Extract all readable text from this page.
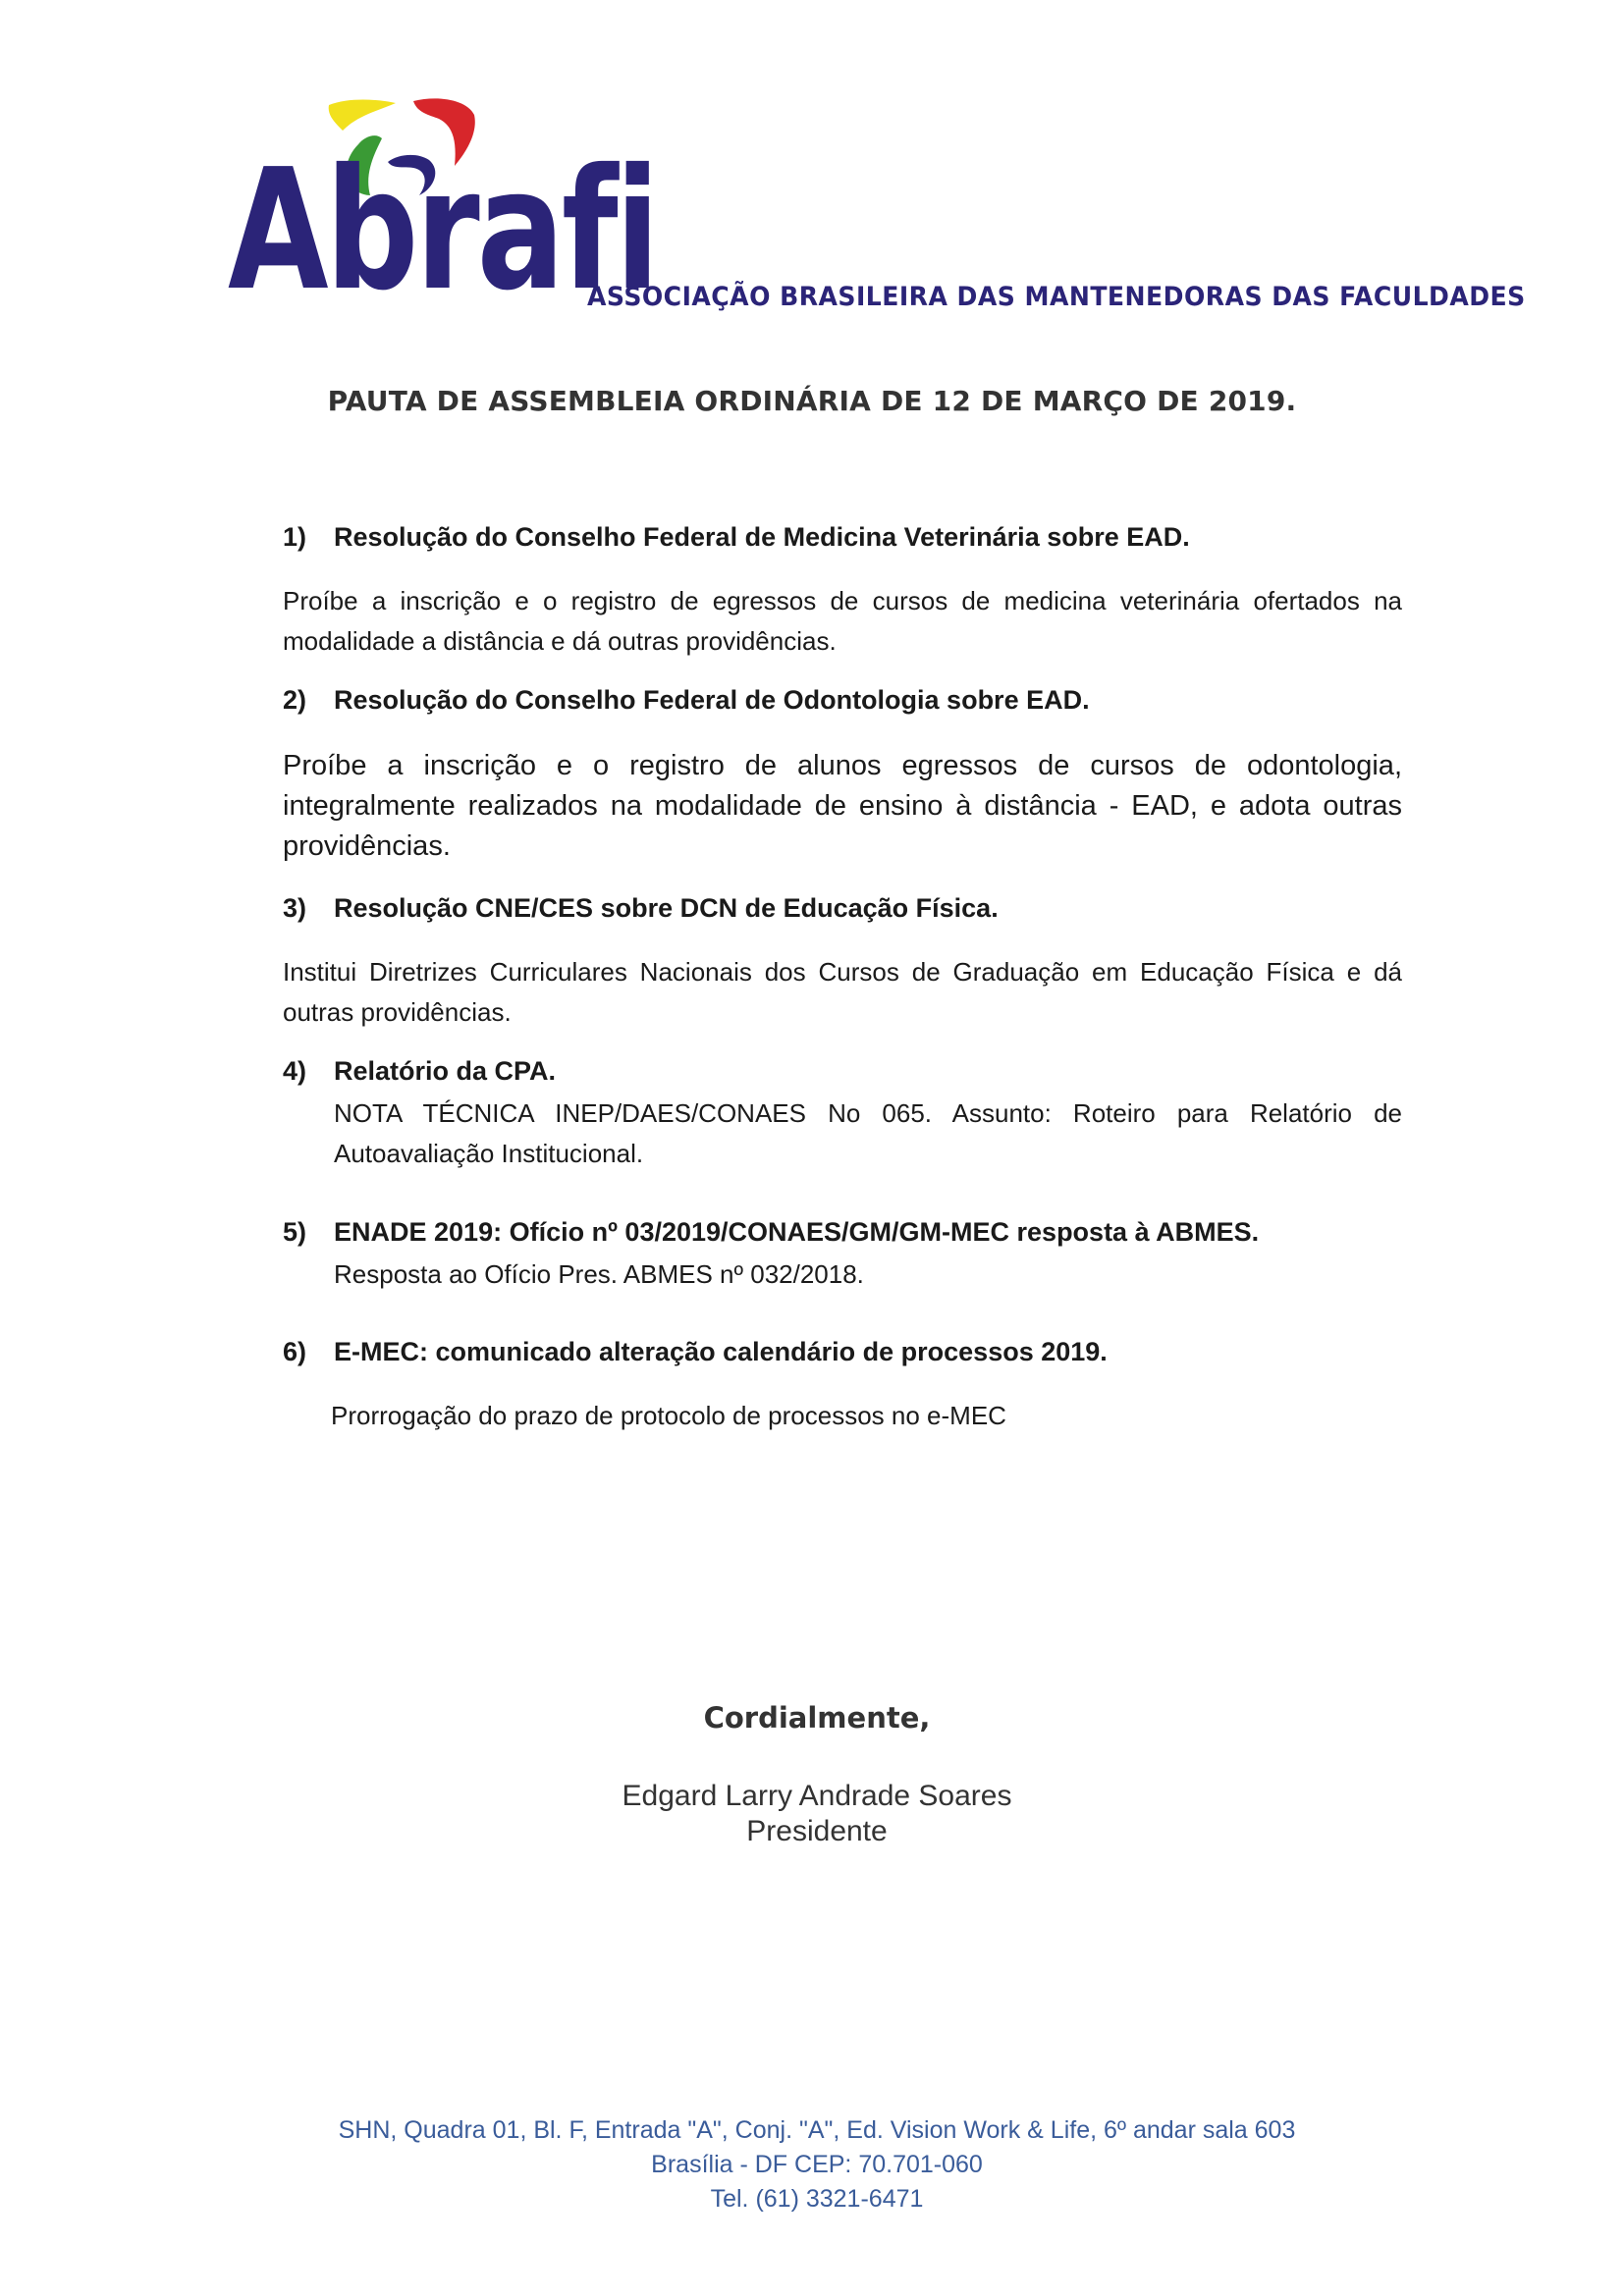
Abrafi
ASSOCIAÇÃO BRASILEIRA DAS MANTENEDORAS DAS FACULDADES
PAUTA DE ASSEMBLEIA ORDINÁRIA DE 12 DE MARÇO DE 2019.
1) Resolução do Conselho Federal de Medicina Veterinária sobre EAD.
Proíbe a inscrição e o registro de egressos de cursos de medicina veterinária ofertados na modalidade a distância e dá outras providências.
2) Resolução do Conselho Federal de Odontologia sobre EAD.
Proíbe a inscrição e o registro de alunos egressos de cursos de odontologia, integralmente realizados na modalidade de ensino à distância - EAD, e adota outras providências.
3) Resolução CNE/CES sobre DCN de Educação Física.
Institui Diretrizes Curriculares Nacionais dos Cursos de Graduação em Educação Física e dá outras providências.
4) Relatório da CPA.
NOTA TÉCNICA INEP/DAES/CONAES No 065. Assunto: Roteiro para Relatório de Autoavaliação Institucional.
5) ENADE 2019: Ofício nº 03/2019/CONAES/GM/GM-MEC resposta à ABMES.
Resposta ao Ofício Pres. ABMES nº 032/2018.
6) E-MEC: comunicado alteração calendário de processos 2019.
Prorrogação do prazo de protocolo de processos no e-MEC
Cordialmente,
Edgard Larry Andrade Soares
Presidente
SHN, Quadra 01, Bl. F, Entrada "A", Conj. "A", Ed. Vision Work & Life, 6º andar sala 603
Brasília - DF CEP: 70.701-060
Tel. (61) 3321-6471
